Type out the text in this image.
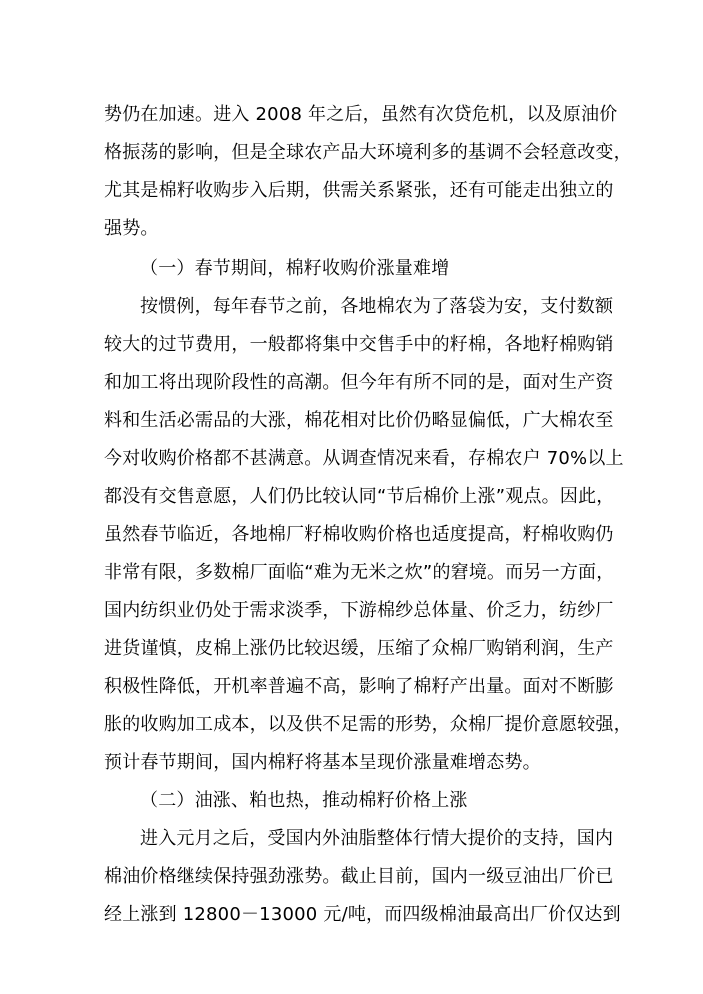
势仍在加速。进入 2008 年之后，虽然有次贷危机，以及原油价
格振荡的影响，但是全球农产品大环境利多的基调不会轻意改变，
尤其是棉籽收购步入后期，供需关系紧张，还有可能走出独立的
强势。
（一）春节期间，棉籽收购价涨量难增
按惯例，每年春节之前，各地棉农为了落袋为安，支付数额
较大的过节费用，一般都将集中交售手中的籽棉，各地籽棉购销
和加工将出现阶段性的高潮。但今年有所不同的是，面对生产资
料和生活必需品的大涨，棉花相对比价仍略显偏低，广大棉农至
今对收购价格都不甚满意。从调查情况来看，存棉农户 70%以上
都没有交售意愿，人们仍比较认同“节后棉价上涨”观点。因此，
虽然春节临近，各地棉厂籽棉收购价格也适度提高，籽棉收购仍
非常有限，多数棉厂面临“难为无米之炊”的窘境。而另一方面，
国内纺织业仍处于需求淡季，下游棉纱总体量、价乏力，纺纱厂
进货谨慎，皮棉上涨仍比较迟缓，压缩了众棉厂购销利润，生产
积极性降低，开机率普遍不高，影响了棉籽产出量。面对不断膨
胀的收购加工成本，以及供不足需的形势，众棉厂提价意愿较强，
预计春节期间，国内棉籽将基本呈现价涨量难增态势。
（二）油涨、粕也热，推动棉籽价格上涨
进入元月之后，受国内外油脂整体行情大提价的支持，国内
棉油价格继续保持强劲涨势。截止目前，国内一级豆油出厂价已
经上涨到 12800－13000 元/吨，而四级棉油最高出厂价仅达到
